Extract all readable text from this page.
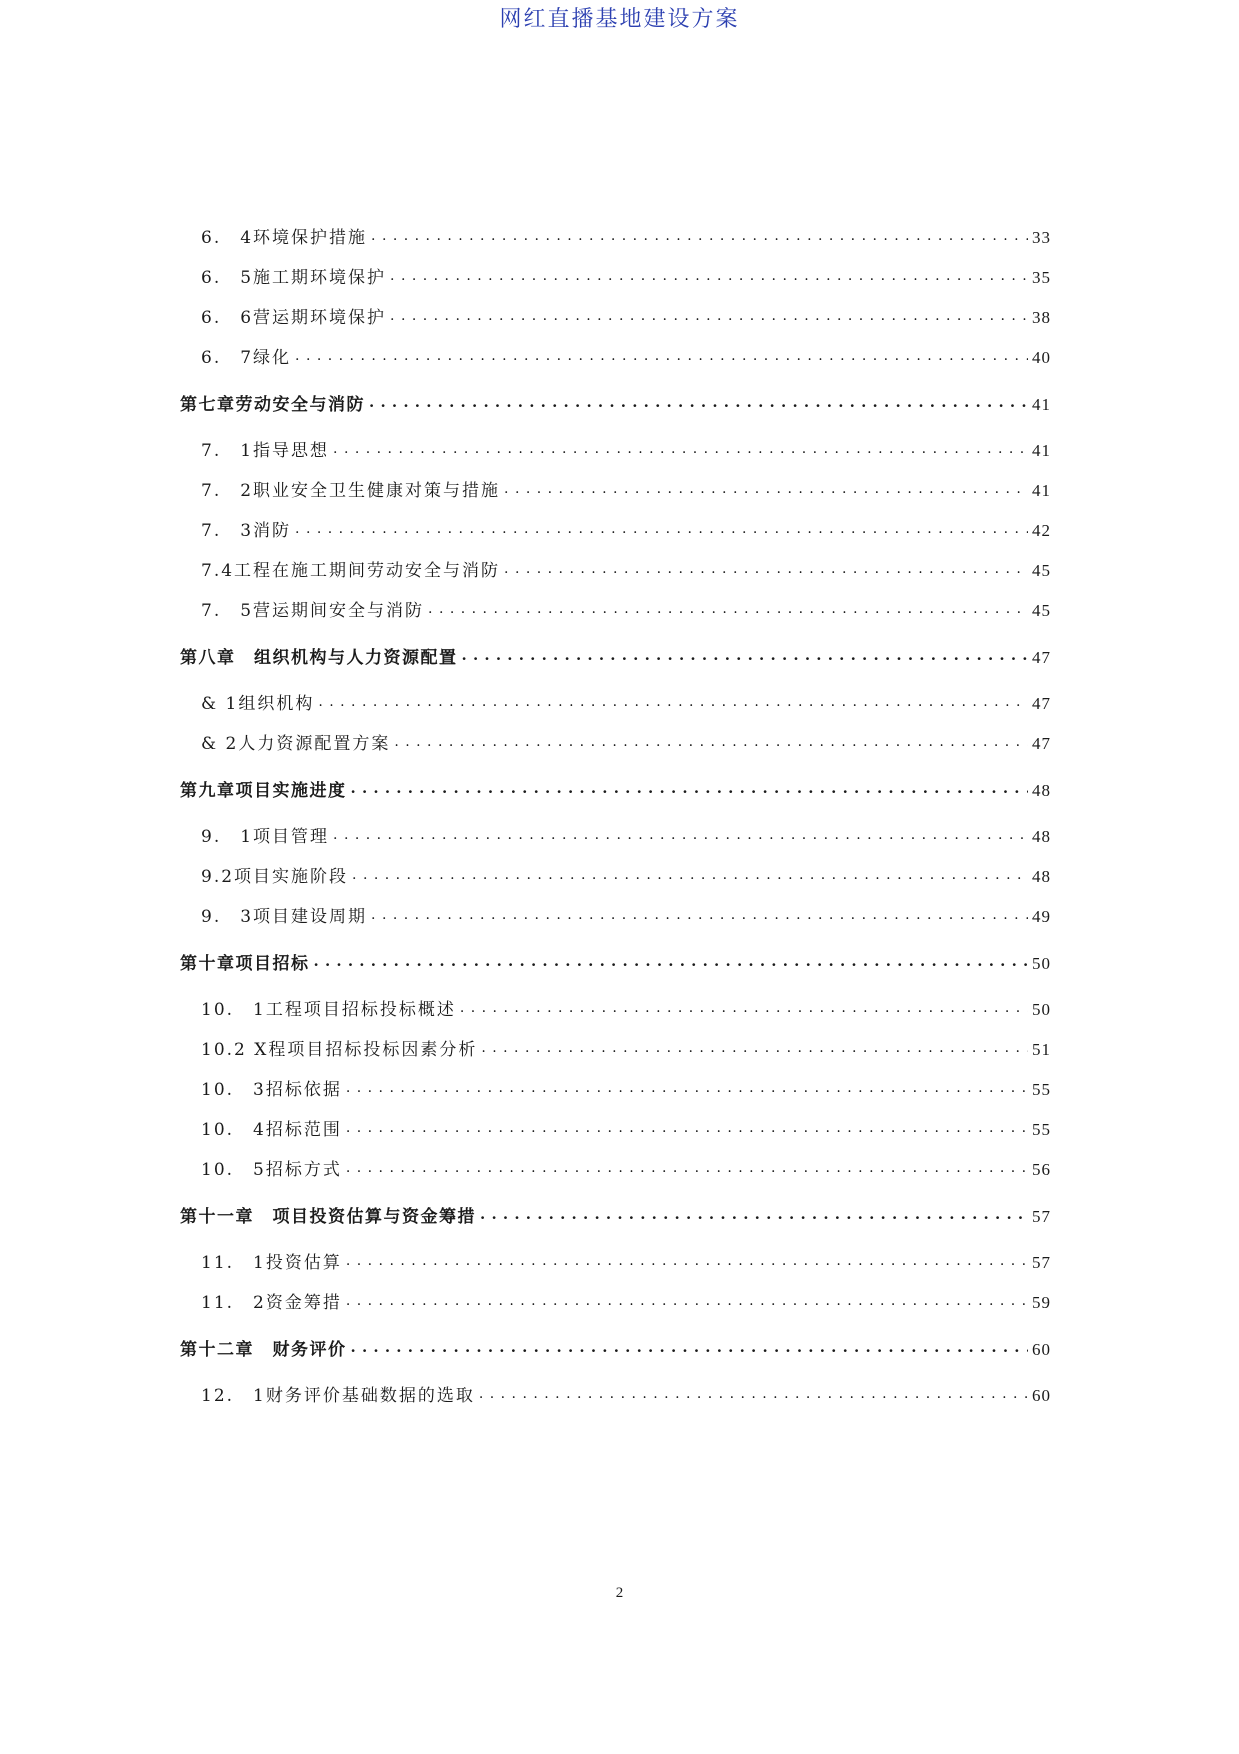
网红直播基地建设方案
6.　4环境保护措施 . . .	33
6.　5施工期环境保护 . . .	35
6.　6营运期环境保护 . . .	38
6.　7绿化 . . .	40
第七章劳动安全与消防 . . .	41
7.　1指导思想 . . .	41
7.　2职业安全卫生健康对策与措施 . . .	41
7.　3消防 . . .	42
7.4工程在施工期间劳动安全与消防 . . .	45
7.　5营运期间安全与消防 . . .	45
第八章　组织机构与人力资源配置 . . .	47
& 1组织机构 . . .	47
& 2人力资源配置方案 . . .	47
第九章项目实施进度 . . .	48
9.　1项目管理 . . .	48
9.2项目实施阶段 . . .	48
9.　3项目建设周期 . . .	49
第十章项目招标 . . .	50
10.　1工程项目招标投标概述 . . .	50
10.2 X程项目招标投标因素分析 . . .	51
10.　3招标依据 . . .	55
10.　4招标范围 . . .	55
10.　5招标方式 . . .	56
第十一章　项目投资估算与资金筹措 . . .	57
11.　1投资估算 . . .	57
11.　2资金筹措 . . .	59
第十二章　财务评价 . . .	60
12.　1财务评价基础数据的选取 . . .	60
2
